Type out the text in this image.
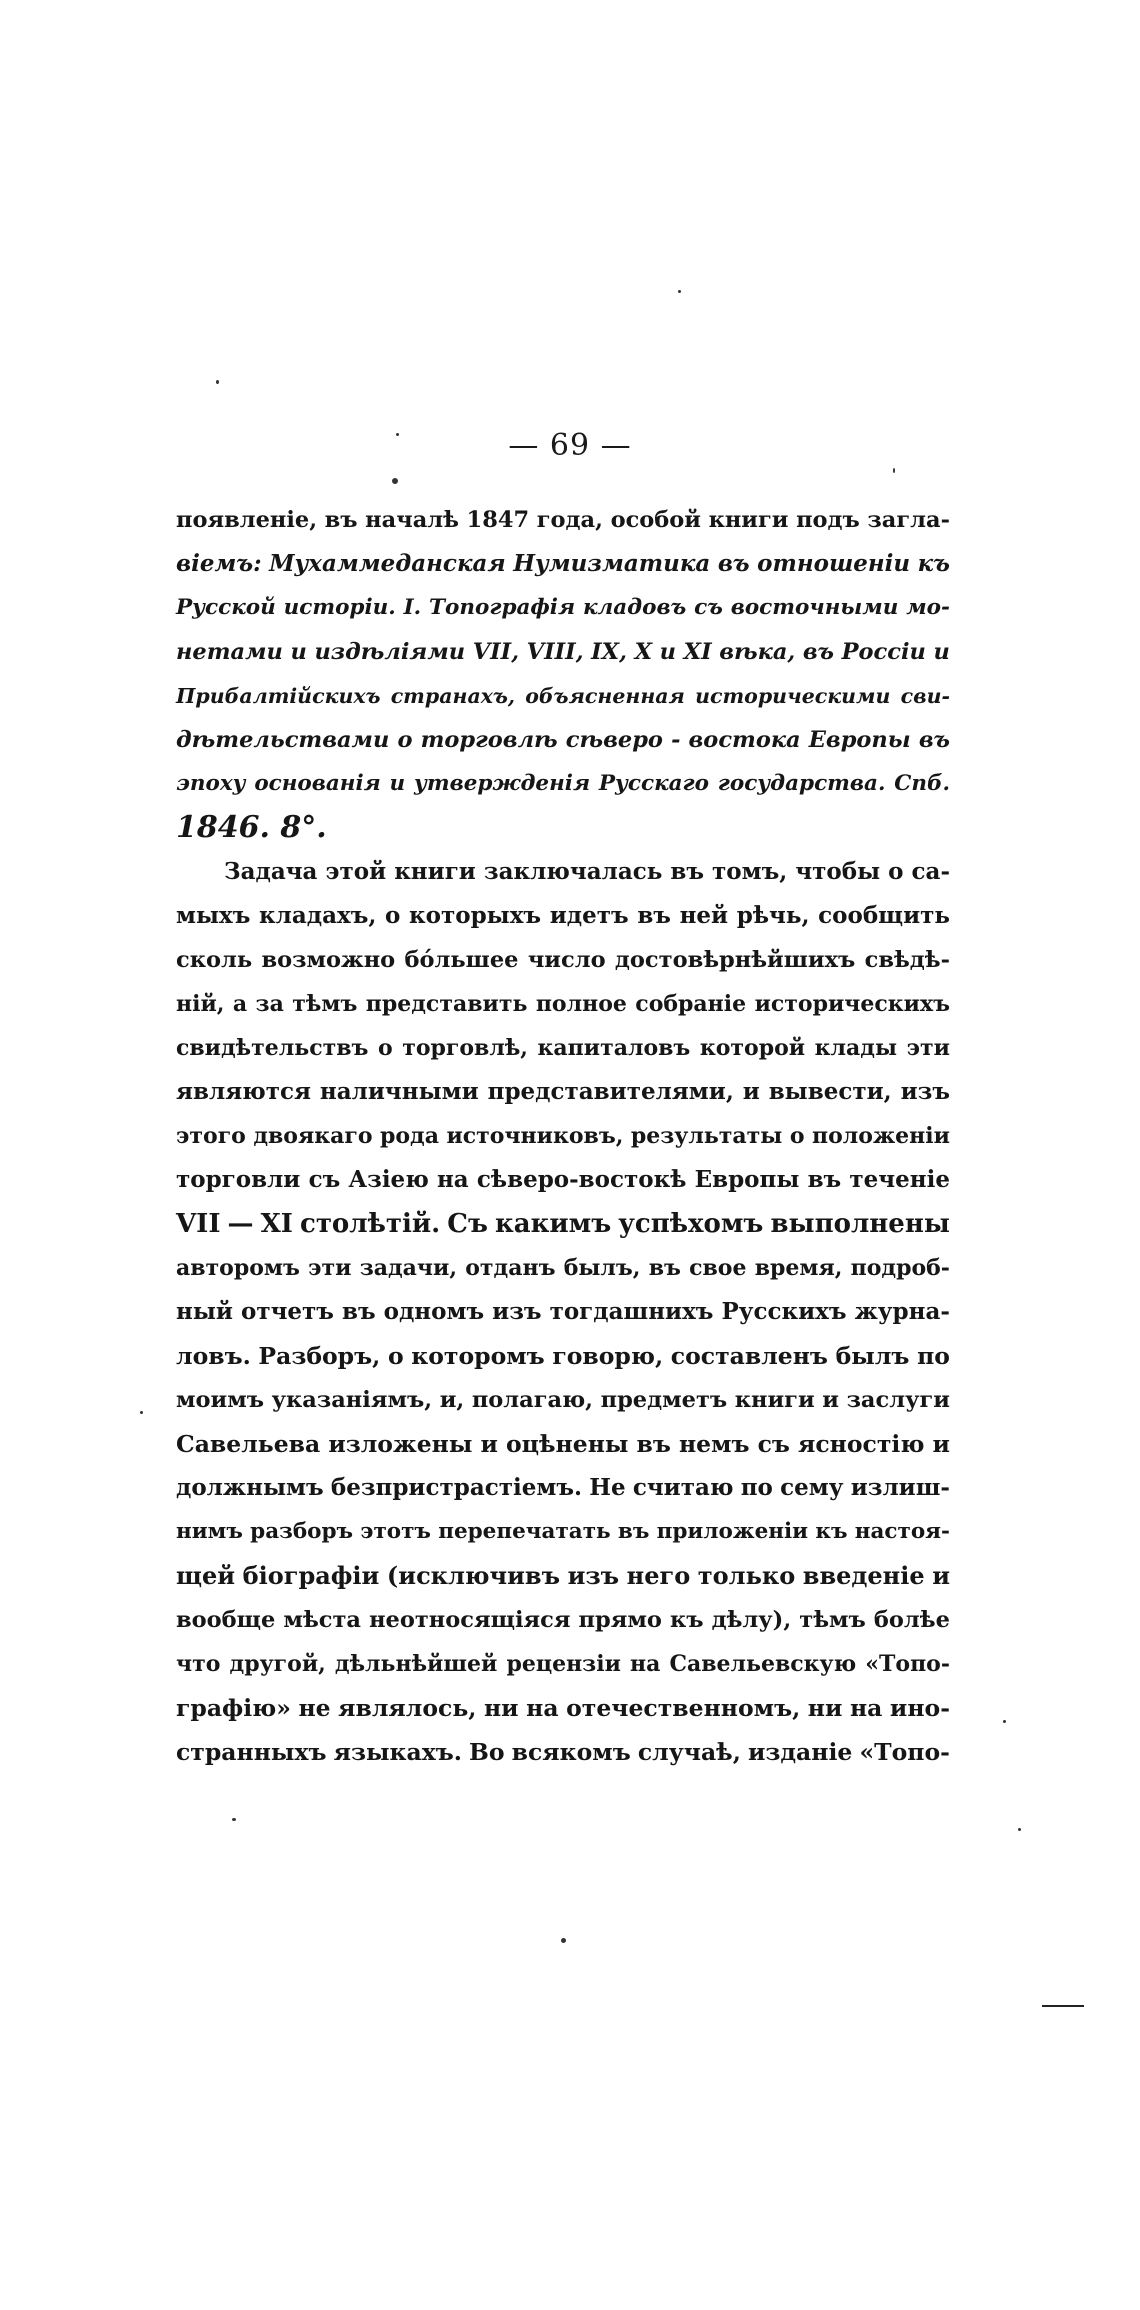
— 69 —
появленіе, въ началѣ 1847 года, особой книги подъ загла-
віемъ: Мухаммеданская Нумизматика въ отношеніи къ
Русской исторіи. I. Топографія кладовъ съ восточными мо-
нетами и издѣліями VII, VIII, IX, X и XI вѣка, въ Россіи и
Прибалтійскихъ странахъ, объясненная историческими сви-
дѣтельствами о торговлѣ сѣверо - востока Европы въ
эпоху основанія и утвержденія Русскаго государства. Спб.
1846. 8°.
Задача этой книги заключалась въ томъ, чтобы о са-
мыхъ кладахъ, о которыхъ идетъ въ ней рѣчь, сообщить
сколь возможно бо́льшее число достовѣрнѣйшихъ свѣдѣ-
ній, а за тѣмъ представить полное собраніе историческихъ
свидѣтельствъ о торговлѣ, капиталовъ которой клады эти
являются наличными представителями, и вывести, изъ
этого двоякаго рода источниковъ, результаты о положеніи
торговли съ Азіею на сѣверо-востокѣ Европы въ теченіе
VII — XI столѣтій. Съ какимъ успѣхомъ выполнены
авторомъ эти задачи, отданъ былъ, въ свое время, подроб-
ный отчетъ въ одномъ изъ тогдашнихъ Русскихъ журна-
ловъ. Разборъ, о которомъ говорю, составленъ былъ по
моимъ указаніямъ, и, полагаю, предметъ книги и заслуги
Савельева изложены и оцѣнены въ немъ съ ясностію и
должнымъ безпристрастіемъ. Не считаю по сему излиш-
нимъ разборъ этотъ перепечатать въ приложеніи къ настоя-
щей біографіи (исключивъ изъ него только введеніе и
вообще мѣста неотносящіяся прямо къ дѣлу), тѣмъ болѣе
что другой, дѣльнѣйшей рецензіи на Савельевскую «Топо-
графію» не являлось, ни на отечественномъ, ни на ино-
странныхъ языкахъ. Во всякомъ случаѣ, изданіе «Топо-
